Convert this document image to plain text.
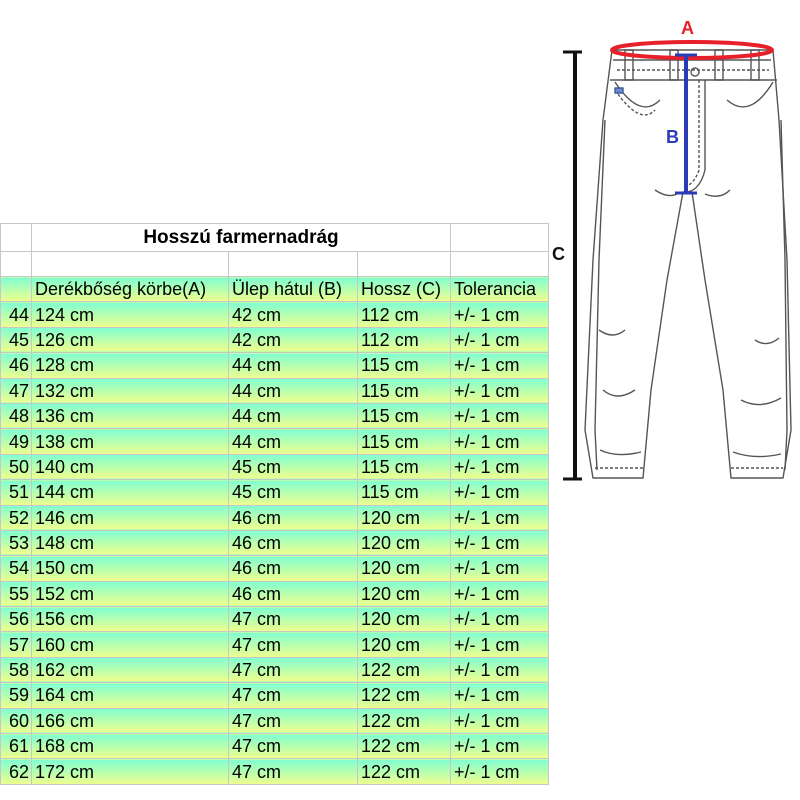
	Hosszú farmernadrág			

	Derékbőség körbe(A)	Ülep hátul (B)	Hossz (C)	Tolerancia
44	124 cm	42 cm	112 cm	+/- 1 cm
45	126 cm	42 cm	112 cm	+/- 1 cm
46	128 cm	44 cm	115 cm	+/- 1 cm
47	132 cm	44 cm	115 cm	+/- 1 cm
48	136 cm	44 cm	115 cm	+/- 1 cm
49	138 cm	44 cm	115 cm	+/- 1 cm
50	140 cm	45 cm	115 cm	+/- 1 cm
51	144 cm	45 cm	115 cm	+/- 1 cm
52	146 cm	46 cm	120 cm	+/- 1 cm
53	148 cm	46 cm	120 cm	+/- 1 cm
54	150 cm	46 cm	120 cm	+/- 1 cm
55	152 cm	46 cm	120 cm	+/- 1 cm
56	156 cm	47 cm	120 cm	+/- 1 cm
57	160 cm	47 cm	120 cm	+/- 1 cm
58	162 cm	47 cm	122 cm	+/- 1 cm
59	164 cm	47 cm	122 cm	+/- 1 cm
60	166 cm	47 cm	122 cm	+/- 1 cm
61	168 cm	47 cm	122 cm	+/- 1 cm
62	172 cm	47 cm	122 cm	+/- 1 cm
C
A
B
